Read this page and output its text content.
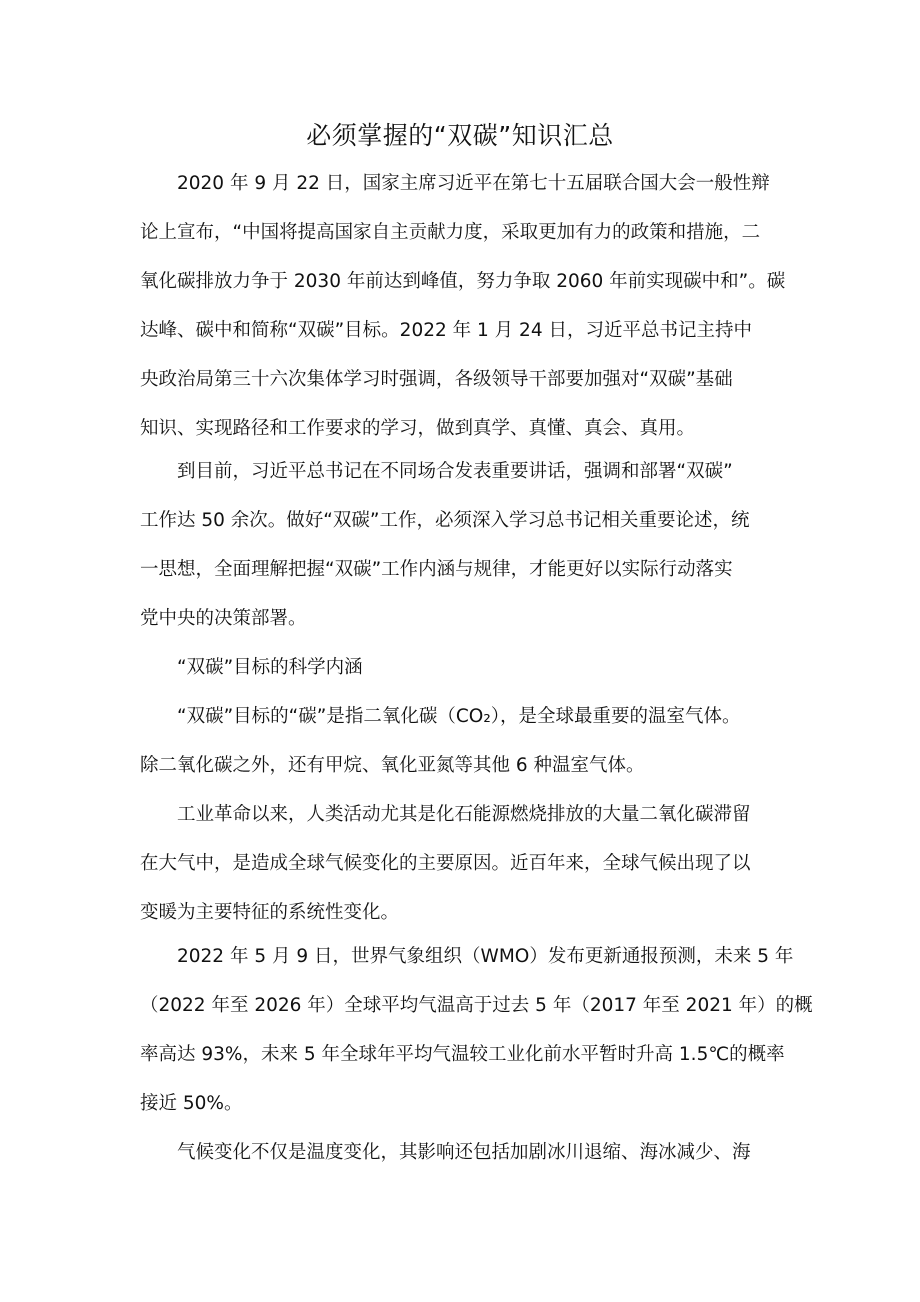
必须掌握的“双碳”知识汇总
2020 年 9 月 22 日，国家主席习近平在第七十五届联合国大会一般性辩
论上宣布，“中国将提高国家自主贡献力度，采取更加有力的政策和措施，二
氧化碳排放力争于 2030 年前达到峰值，努力争取 2060 年前实现碳中和”。碳
达峰、碳中和简称“双碳”目标。2022 年 1 月 24 日，习近平总书记主持中
央政治局第三十六次集体学习时强调，各级领导干部要加强对“双碳”基础
知识、实现路径和工作要求的学习，做到真学、真懂、真会、真用。
到目前，习近平总书记在不同场合发表重要讲话，强调和部署“双碳”
工作达 50 余次。做好“双碳”工作，必须深入学习总书记相关重要论述，统
一思想，全面理解把握“双碳”工作内涵与规律，才能更好以实际行动落实
党中央的决策部署。
“双碳”目标的科学内涵
“双碳”目标的“碳”是指二氧化碳（CO₂），是全球最重要的温室气体。
除二氧化碳之外，还有甲烷、氧化亚氮等其他 6 种温室气体。
工业革命以来，人类活动尤其是化石能源燃烧排放的大量二氧化碳滞留
在大气中，是造成全球气候变化的主要原因。近百年来，全球气候出现了以
变暖为主要特征的系统性变化。
2022 年 5 月 9 日，世界气象组织（WMO）发布更新通报预测，未来 5 年
（2022 年至 2026 年）全球平均气温高于过去 5 年（2017 年至 2021 年）的概
率高达 93%，未来 5 年全球年平均气温较工业化前水平暂时升高 1.5℃的概率
接近 50%。
气候变化不仅是温度变化，其影响还包括加剧冰川退缩、海冰减少、海
